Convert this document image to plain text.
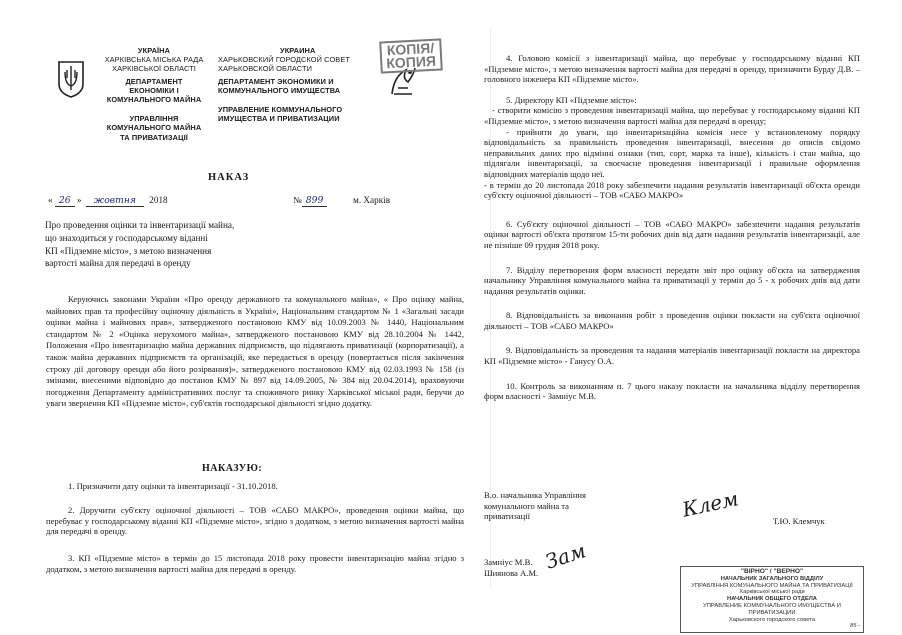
УКРАЇНА
ХАРКІВСЬКА МІСЬКА РАДА
ХАРКІВСЬКОЇ ОБЛАСТІ
ДЕПАРТАМЕНТ
ЕКОНОМІКИ І
КОМУНАЛЬНОГО МАЙНА
УПРАВЛІННЯ
КОМУНАЛЬНОГО МАЙНА
ТА ПРИВАТИЗАЦІЇ
УКРАИНА
ХАРЬКОВСКИЙ ГОРОДСКОЙ СОВЕТ
ХАРЬКОВСКОЙ ОБЛАСТИ
ДЕПАРТАМЕНТ ЭКОНОМИКИ И
КОММУНАЛЬНОГО ИМУЩЕСТВА
УПРАВЛЕНИЕ КОММУНАЛЬНОГО
ИМУЩЕСТВА И ПРИВАТИЗАЦИИ
КОПІЯ/
КОПИЯ
НАКАЗ
« 26 » жовтня 2018	№ 899	м. Харків
Про проведення оцінки та інвентаризації майна,
що знаходиться у господарському віданні
КП «Підземне місто», з метою визначення
вартості майна для передачі в оренду
Керуючись законами України «Про оренду державного та комунального майна», « Про оцінку майна, майнових прав та професійну оціночну діяльність в Україні», Національним стандартом № 1 «Загальні засади оцінки майна і майнових прав», затвердженого постановою КМУ від 10.09.2003 № 1440, Національним стандартом № 2 «Оцінка нерухомого майна», затвердженого постановою КМУ від 28.10.2004 № 1442, Положення «Про інвентаризацію майна державних підприємств, що підлягають приватизації (корпоратизації), а також майна державних підприємств та організацій, яке передається в оренду (повертається після закінчення строку дії договору оренди або його розірвання)», затвердженого постановою КМУ від 02.03.1993 № 158 (із змінами, внесеними відповідно до постанов КМУ № 897 від 14.09.2005, № 384 від 20.04.2014), враховуючи погодження Департаменту адміністративних послуг та споживчого ринку Харківської міської ради, беручи до уваги звернення КП «Підземне місто», суб'єктів господарської діяльності згідно додатку.
НАКАЗУЮ:
1. Призначити дату оцінки та інвентаризації - 31.10.2018.
2. Доручити суб'єкту оціночної діяльності – ТОВ «САБО МАКРО», проведення оцінки майна, що перебуває у господарському віданні КП «Підземне місто», згідно з додатком, з метою визначення вартості майна для передачі в оренду.
3. КП «Підземне місто» в термін до 15 листопада 2018 року провести інвентаризацію майна згідно з додатком, з метою визначення вартості майна для передачі в оренду.

4. Головою комісії з інвентаризації майна, що перебуває у господарському віданні КП «Підземне місто», з метою визначення вартості майна для передачі в оренду, призначити Бурду Д.В. – головного інженера КП «Підземне місто».

5. Директору КП «Підземне місто»:

- створити комісію з проведення інвентаризації майна, що перебуває у господарському віданні КП «Підземне місто», з метою визначення вартості майна для передачі в оренду;

- прийняти до уваги, що інвентаризаційна комісія несе у встановленому порядку відповідальність за правильність проведення інвентаризації, внесення до описів свідомо неправильних даних про відмінні ознаки (тип, сорт, марка та інше), кількість і стан майна, що підлягали інвентаризації, за своєчасне проведення інвентаризації і правильне оформлення відповідних матеріалів щодо неї.

- в термін до 20 листопада 2018 року забезпечити надання результатів інвентаризації об'єкта оренди суб'єкту оціночної діяльності – ТОВ «САБО МАКРО»

6. Суб'єкту оціночної діяльності – ТОВ «САБО МАКРО» забезпечити надання результатів оцінки вартості об'єкта протягом 15-ти робочих днів від дати надання результатів інвентаризації, але не пізніше 09 грудня 2018 року.

7. Відділу перетворення форм власності передати звіт про оцінку об'єкта на затвердження начальнику Управління комунального майна та приватизації у термін до 5 - х робочих днів від дати надання результатів оцінки.

8. Відповідальність за виконання робіт з проведення оцінки покласти на суб'єкта оціночної діяльності – ТОВ «САБО МАКРО»

9. Відповідальність за проведення та надання матеріалів інвентаризації покласти на директора КП «Підземне місто» - Ганусу О.А.

10. Контроль за виконанням п. 7 цього наказу покласти на начальника відділу перетворення форм власності - Замніус М.В.

В.о. начальника Управління
комунального майна та
приватизації	Клем	Т.Ю. Клемчук
Замніус М.В.
Шиянова А.М. Зам	"ВІРНО" / "ВЕРНО"
НАЧАЛЬНИК ЗАГАЛЬНОГО ВІДДІЛУ
УПРАВЛІННЯ КОМУНАЛЬНОГО МАЙНА ТА ПРИВАТИЗАЦІЇ
Харківської міської ради
НАЧАЛЬНИК ОБЩЕГО ОТДЕЛА
УПРАВЛЕНИЕ КОММУНАЛЬНОГО ИМУЩЕСТВА И ПРИВАТИЗАЦИИ
Харьковского городского совета
85 -
